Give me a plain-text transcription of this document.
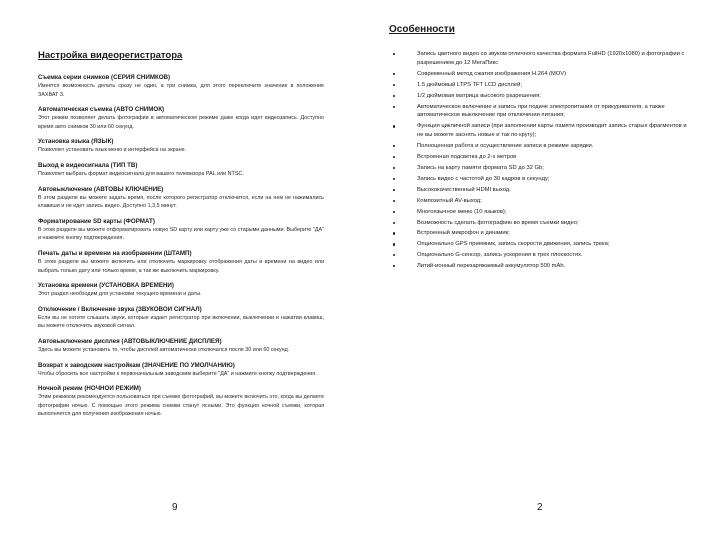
Настройка видеорегистратора
Съемка серии снимков (СЕРИЯ СНИМКОВ)
Имеется возможность делать сразу не один, а три снимка, для этого переключите значение в положение ЗАХВАТ 3.
Автоматическая съемка (АВТО СНИМОК)
Этот режим позволяет делать фотографии в автоматическом режиме даже когда идет видеозапись. Доступно время авто снимков 30 или 60 секунд.
Установка языка (ЯЗЫК)
Позволяет установить язык меню и интерфейса на экране.
Выход в видеосигнала (ТИП ТВ)
Позволяет выбрать формат видеосигнала для вашего телевизора PAL или NTSC.
Автовыключение (АВТОВЫ КЛЮЧЕНИЕ)
В этом разделе вы можете задать время, после которого регистратор отключится, если на нем не нажимались клавиши и не идет запись видео. Доступно 1,3,5 минут.
Форматирование SD карты (ФОРМАТ)
В этом разделе вы можете отформатировать новую SD карту или карту уже со старыми данными. Выберите "ДА" и нажмите кнопку подтверждения.
Печать даты и времени на изображении (ШТАМП)
В этом разделе вы можете включить или отключить маркировку отображения даты и времени на видео или выбрать только дату или только время, а так же выключить маркировку.
Установка времени (УСТАНОВКА ВРЕМЕНИ)
Этот раздел необходим для установки текущего времени и даты.
Отключение / Включение звука (ЗВУКОВОЙ СИГНАЛ)
Если вы не хотите слышать звуки, которые издает регистратор при включении, выключении и нажатии клавиш, вы можете отключить звуковой сигнал.
Автовыключение дисплея (АВТОВЫКЛЮЧЕНИЕ ДИСПЛЕЯ)
Здесь вы можете установить то, чтобы дисплей автоматически отключался после 30 или 60 секунд.
Возврат к заводским настройкам (ЗНАЧЕНИЕ ПО УМОЛЧАНИЮ)
Чтобы сбросить все настройки к первоначальным заводским выберите "ДА" и нажмите кнопку подтверждения.
Ночной режим (НОЧНОЙ РЕЖИМ)
Этим режимом рекомендуется пользоваться при съемке фотографий, вы можете включить это, когда вы делаете фотографии ночью. С помощью этого режима снимки станут ясными. Это функция ночной съемки, которая выполняется для получения изображения ночью.
9
Особенности
Запись цветного видео со звуком отличного качества формата FullHD (1920x1080) и фотографии с разрешением до 12 МегаПикс
Современный метод сжатия изображения H.264 (MOV)
1.5 дюймовый LTPS TFT LCD дисплей;
1/2 дюймовая матрица высокого разрешения;
Автоматическое включение и запись при подаче электропитания от прикуривателя, а также автоматическое выключение при отключении питания;
Функция цикличной записи (при заполнении карты памяти производит запись старых фрагментов и не вы можете заснять новые и так по кругу);
Полноценная работа и осуществление записи в режиме зарядки.
Встроенная подсветка до 2-х метров
Запись на карту памяти формата SD до 32 Gb;
Запись видео с частотой до 30 кадров в секунду;
Высококачественный HDMI выход.
Композитный AV-выход;
Многоязычное меню (10 языков);
Возможность сделать фотографию во время съемки видео;
Встроенный микрофон и динамик;
Опционально GPS приемник, запись скорости движения, запись трека;
Опционально G-сенсор, запись ускорения в трех плоскостях.
Литий-ионный перезаряжаемый аккумулятор 500 mAh.
2
